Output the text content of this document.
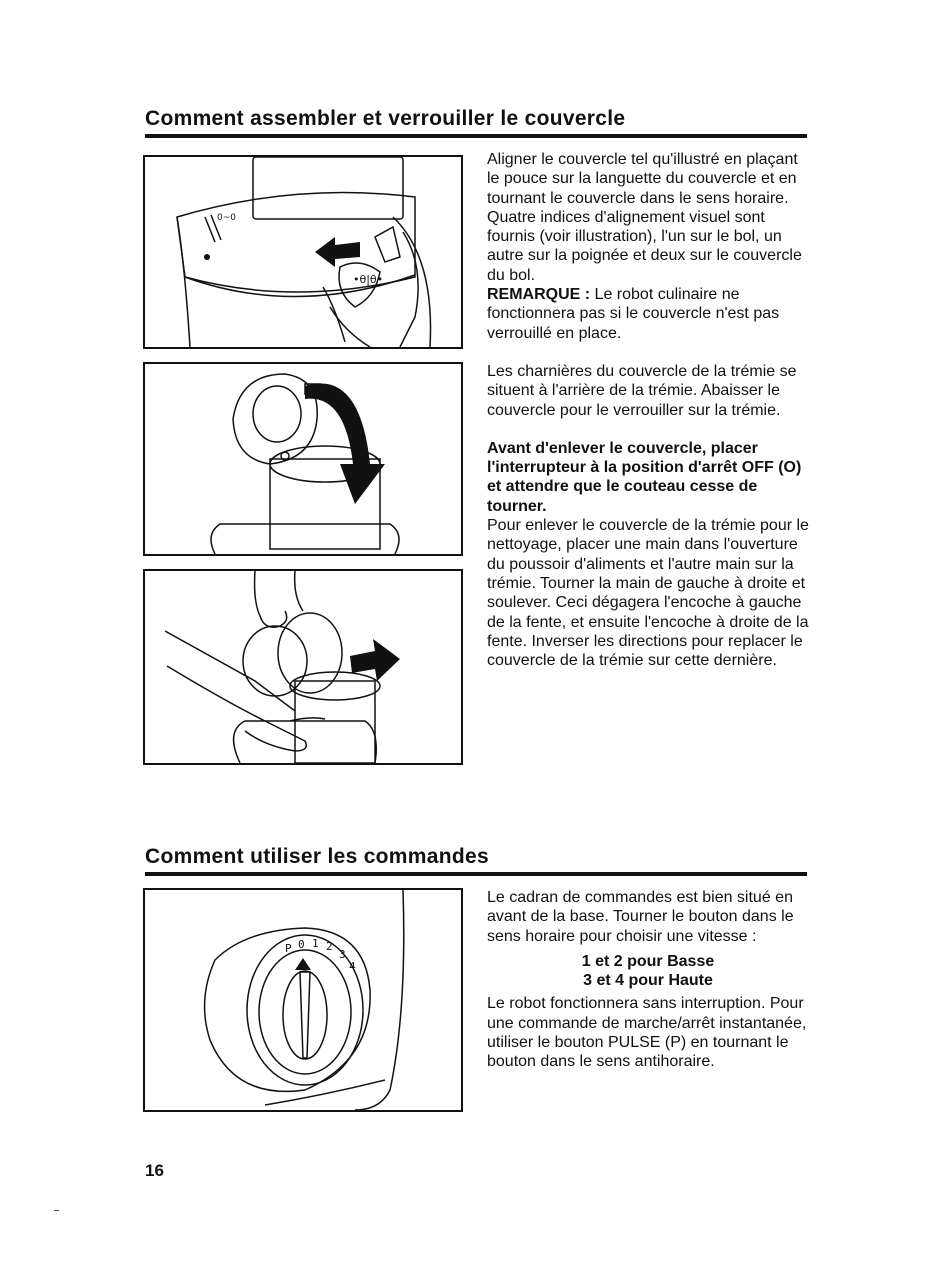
Comment assembler et verrouiller le couvercle
0~0
•θ|θ•

Aligner le couvercle tel qu'illustré en plaçant le pouce sur la languette du couvercle et en tournant le couvercle dans le sens horaire. Quatre indices d'alignement visuel sont fournis (voir illustration), l'un sur le bol, un autre sur la poignée et deux sur le couvercle du bol.

REMARQUE : Le robot culinaire ne fonctionnera pas si le couvercle n'est pas verrouillé en place.

Les charnières du couvercle de la trémie se situent à l'arrière de la trémie. Abaisser le couvercle pour le verrouiller sur la trémie.

Avant d'enlever le couvercle, placer l'interrupteur à la position d'arrêt OFF (O) et attendre que le couteau cesse de tourner.

Pour enlever le couvercle de la trémie pour le nettoyage, placer une main dans l'ouverture du poussoir d'aliments et l'autre main sur la trémie. Tourner la main de gauche à droite et soulever. Ceci dégagera l'encoche à gauche de la fente, et ensuite l'encoche à droite de la fente. Inverser les directions pour replacer le couvercle de la trémie sur cette dernière.

Comment utiliser les commandes
P 0 1 2
3
4

Le cadran de commandes est bien situé en avant de la base. Tourner le bouton dans le sens horaire pour choisir une vitesse :

1 et 2 pour Basse

3 et 4 pour Haute

Le robot fonctionnera sans interruption. Pour une commande de marche/arrêt instantanée, utiliser le bouton PULSE (P) en tournant le bouton dans le sens antihoraire.

16
